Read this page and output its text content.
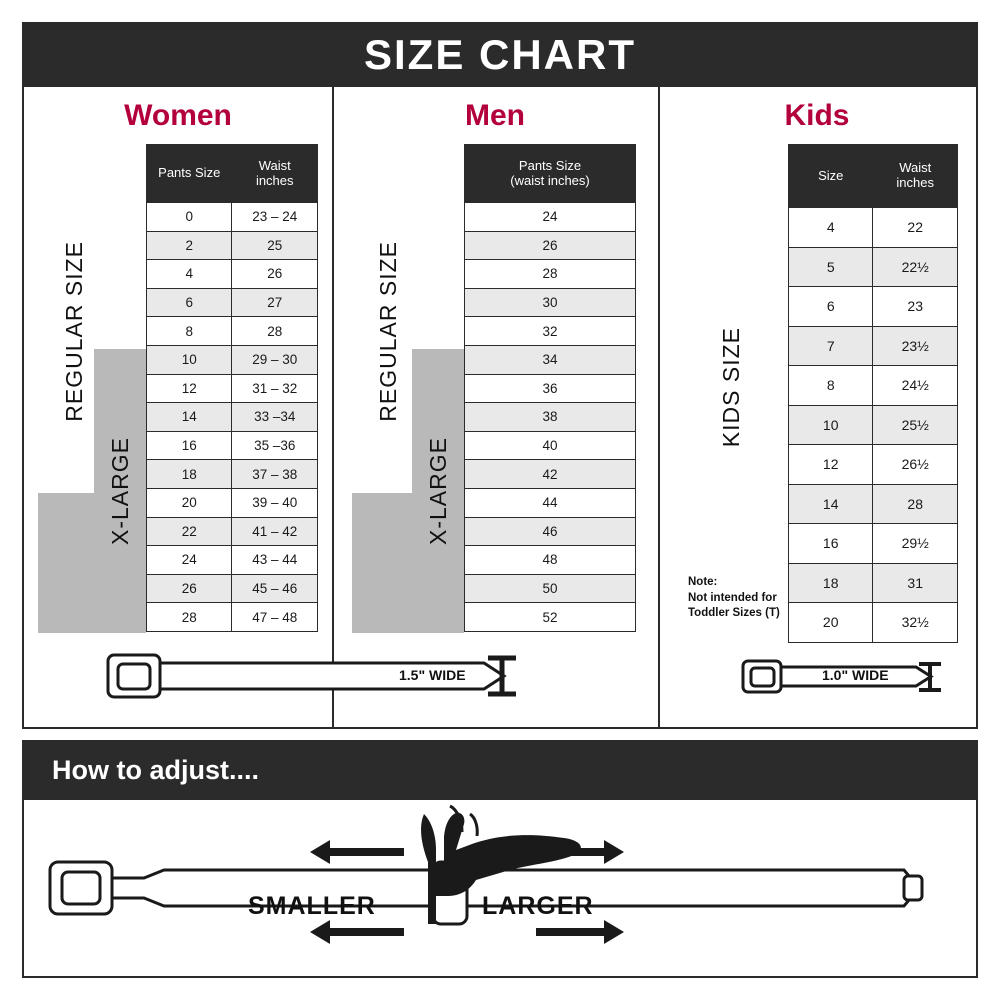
SIZE CHART
Women
REGULAR SIZE
X-LARGE
Pants Size	Waist
inches
0	23 – 24
2	25
4	26
6	27
8	28
10	29 – 30
12	31 – 32
14	33 –34
16	35 –36
18	37 – 38
20	39 – 40
22	41 – 42
24	43 – 44
26	45 – 46
28	47 – 48
Men
REGULAR SIZE
X-LARGE
Pants Size
(waist inches)
24
26
28
30
32
34
36
38
40
42
44
46
48
50
52
Kids
KIDS SIZE
Note:
Not intended for
Toddler Sizes (T)
Size	Waist
inches
4	22
5	22½
6	23
7	23½
8	24½
10	25½
12	26½
14	28
16	29½
18	31
20	32½
1.5" WIDE	1.0" WIDE
How to adjust....
SMALLER	LARGER
